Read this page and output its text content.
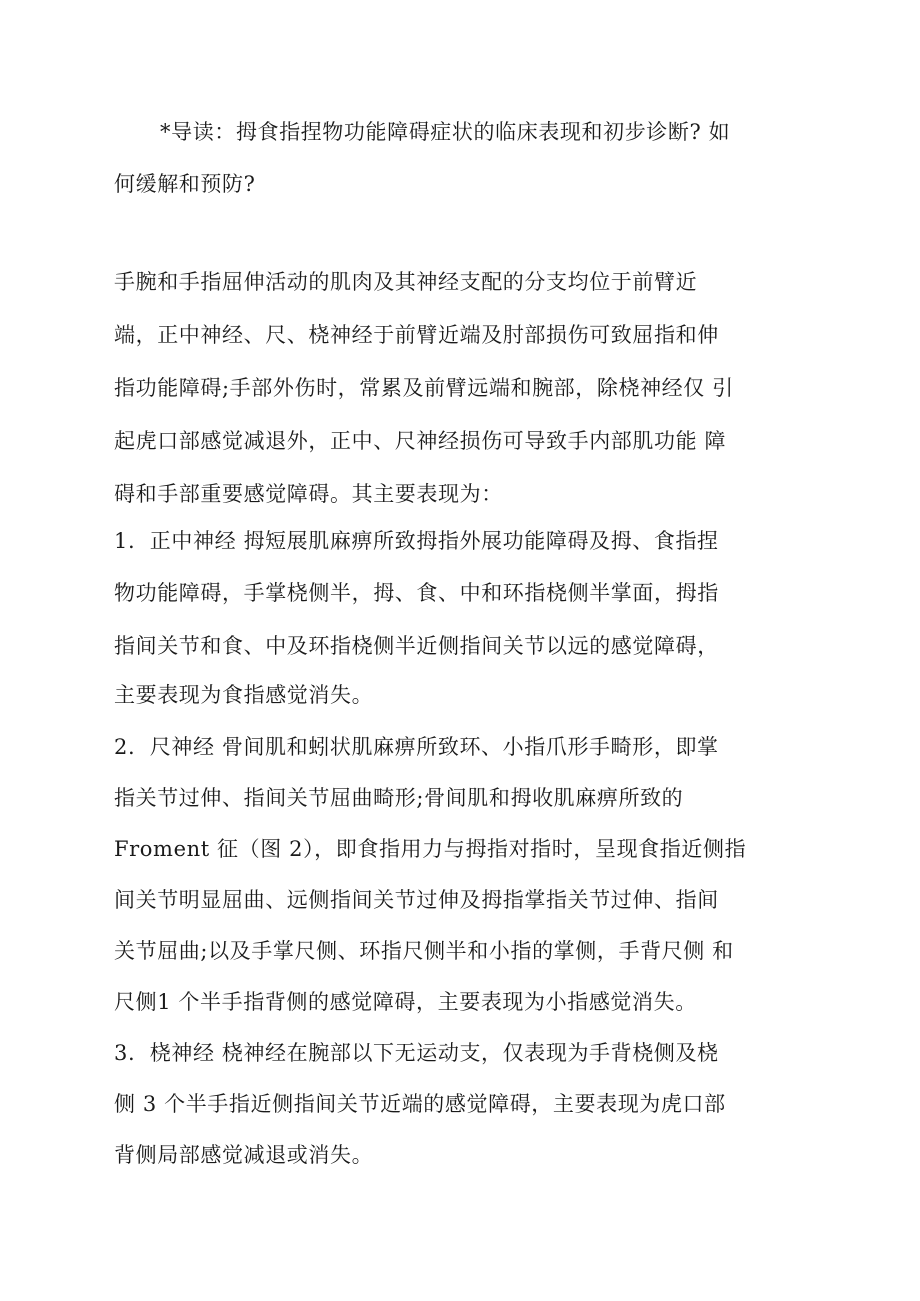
*导读：拇食指捏物功能障碍症状的临床表现和初步诊断? 如
何缓解和预防?
手腕和手指屈伸活动的肌肉及其神经支配的分支均位于前臂近
端，正中神经、尺、桡神经于前臂近端及肘部损伤可致屈指和伸
指功能障碍;手部外伤时，常累及前臂远端和腕部，除桡神经仅 引
起虎口部感觉减退外，正中、尺神经损伤可导致手内部肌功能 障
碍和手部重要感觉障碍。其主要表现为：
1.  正中神经 拇短展肌麻痹所致拇指外展功能障碍及拇、食指捏
物功能障碍，手掌桡侧半，拇、食、中和环指桡侧半掌面，拇指
指间关节和食、中及环指桡侧半近侧指间关节以远的感觉障碍，
主要表现为食指感觉消失。
2.  尺神经 骨间肌和蚓状肌麻痹所致环、小指爪形手畸形，即掌
指关节过伸、指间关节屈曲畸形;骨间肌和拇收肌麻痹所致的
Froment 征（图 2），即食指用力与拇指对指时，呈现食指近侧指
间关节明显屈曲、远侧指间关节过伸及拇指掌指关节过伸、指间
关节屈曲;以及手掌尺侧、环指尺侧半和小指的掌侧，手背尺侧 和
尺侧1 个半手指背侧的感觉障碍，主要表现为小指感觉消失。
3.  桡神经 桡神经在腕部以下无运动支，仅表现为手背桡侧及桡
侧 3 个半手指近侧指间关节近端的感觉障碍，主要表现为虎口部
背侧局部感觉减退或消失。
